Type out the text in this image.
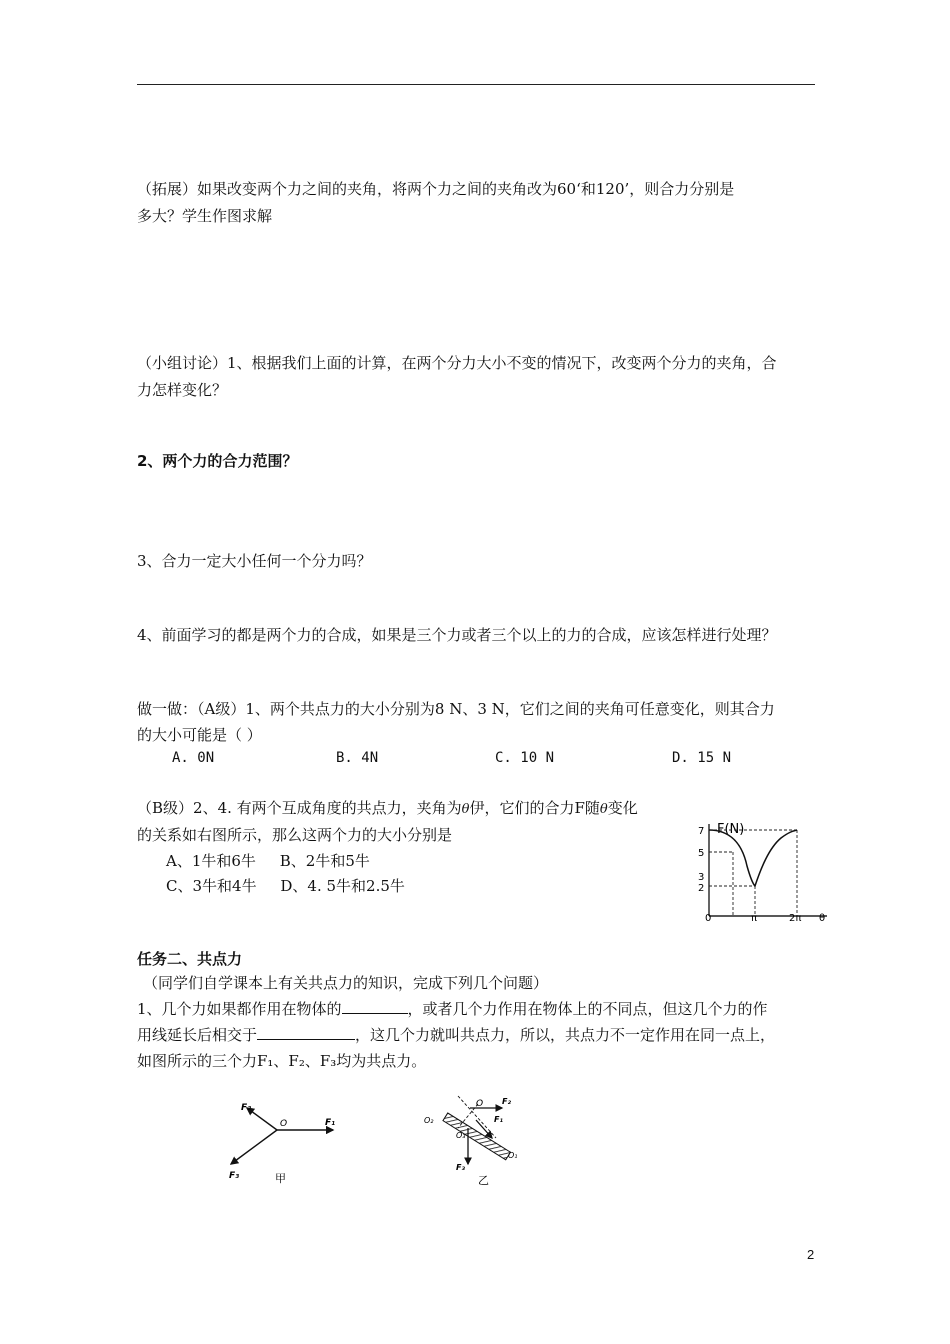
（拓展）如果改变两个力之间的夹角，将两个力之间的夹角改为60‘和120’，则合力分别是
多大？学生作图求解
（小组讨论）1、根据我们上面的计算，在两个分力大小不变的情况下，改变两个分力的夹角，合
力怎样变化？
2、两个力的合力范围？
3、合力一定大小任何一个分力吗？
4、前面学习的都是两个力的合成，如果是三个力或者三个以上的力的合成，应该怎样进行处理？
做一做：（A级）1、两个共点力的大小分别为8 N、3 N，它们之间的夹角可任意变化，则其合力
的大小可能是（ ）
A. 0N	B. 4N	C. 10 N	D. 15 N
（B级）2、4. 有两个互成角度的共点力，夹角为θ伊，它们的合力F随θ变化
的关系如右图所示，那么这两个力的大小分别是
A、1牛和6牛     B、2牛和5牛
C、3牛和4牛     D、4. 5牛和2.5牛
F(N)
7
5
3
2
0	π	2π θ
任务二、共点力
（同学们自学课本上有关共点力的知识，完成下列几个问题）
1、几个力如果都作用在物体的	，或者几个力作用在物体上的不同点，但这几个力的作
用线延长后相交于	，这几个力就叫共点力，所以，共点力不一定作用在同一点上，
如图所示的三个力F₁、F₂、F₃均为共点力。
F₂
O	F₁
F₃	甲
O F₂
O₂	F₁
O₃
O₁
F₃
乙
2
